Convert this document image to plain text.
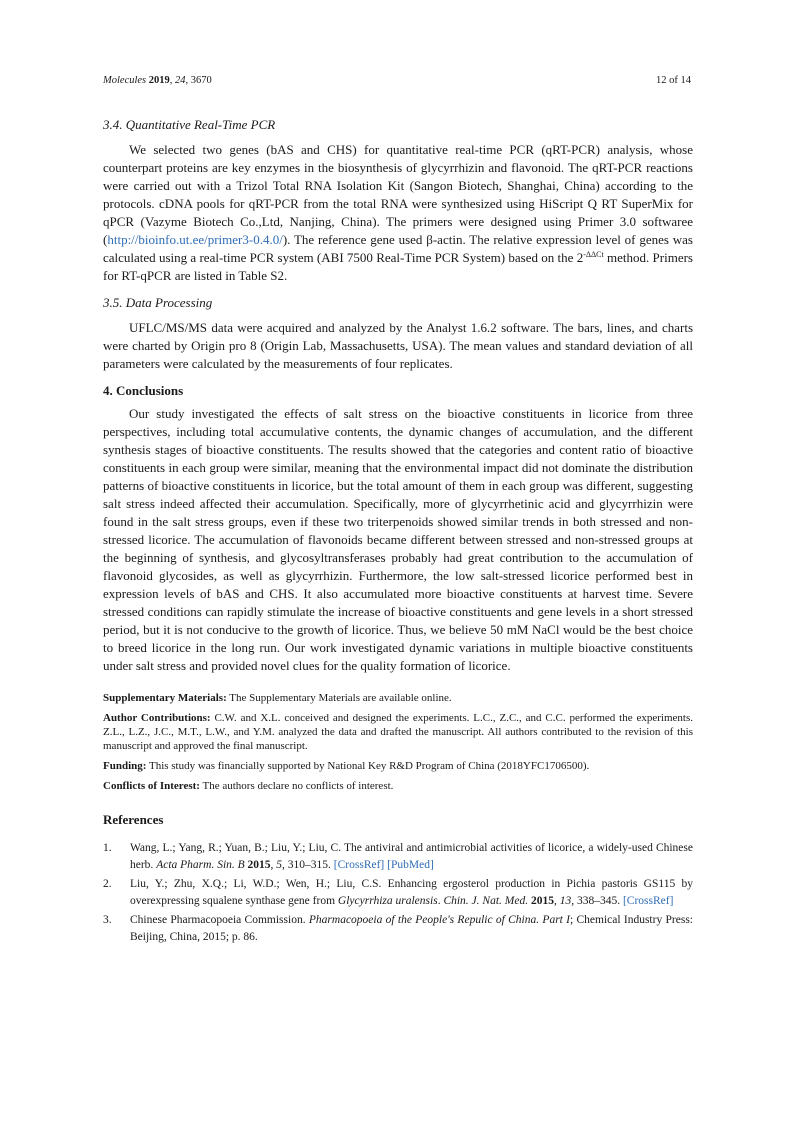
Molecules 2019, 24, 3670	12 of 14
3.4. Quantitative Real-Time PCR

We selected two genes (bAS and CHS) for quantitative real-time PCR (qRT-PCR) analysis, whose counterpart proteins are key enzymes in the biosynthesis of glycyrrhizin and flavonoid. The qRT-PCR reactions were carried out with a Trizol Total RNA Isolation Kit (Sangon Biotech, Shanghai, China) according to the protocols. cDNA pools for qRT-PCR from the total RNA were synthesized using HiScript Q RT SuperMix for qPCR (Vazyme Biotech Co.,Ltd, Nanjing, China). The primers were designed using Primer 3.0 softwaree (http://bioinfo.ut.ee/primer3-0.4.0/). The reference gene used β-actin. The relative expression level of genes was calculated using a real-time PCR system (ABI 7500 Real-Time PCR System) based on the $2^{-\Delta\Delta Ct}$ method. Primers for RT-qPCR are listed in Table S2.

3.5. Data Processing

UFLC/MS/MS data were acquired and analyzed by the Analyst 1.6.2 software. The bars, lines, and charts were charted by Origin pro 8 (Origin Lab, Massachusetts, USA). The mean values and standard deviation of all parameters were calculated by the measurements of four replicates.

4. Conclusions

Our study investigated the effects of salt stress on the bioactive constituents in licorice from three perspectives, including total accumulative contents, the dynamic changes of accumulation, and the different synthesis stages of bioactive constituents. The results showed that the categories and content ratio of bioactive constituents in each group were similar, meaning that the environmental impact did not dominate the distribution patterns of bioactive constituents in licorice, but the total amount of them in each group was different, suggesting salt stress indeed affected their accumulation. Specifically, more of glycyrrhetinic acid and glycyrrhizin were found in the salt stress groups, even if these two triterpenoids showed similar trends in both stressed and non-stressed licorice. The accumulation of flavonoids became different between stressed and non-stressed groups at the beginning of synthesis, and glycosyltransferases probably had great contribution to the accumulation of flavonoid glycosides, as well as glycyrrhizin. Furthermore, the low salt-stressed licorice performed best in expression levels of bAS and CHS. It also accumulated more bioactive constituents at harvest time. Severe stressed conditions can rapidly stimulate the increase of bioactive constituents and gene levels in a short stressed period, but it is not conducive to the growth of licorice. Thus, we believe 50 mM NaCl would be the best choice to breed licorice in the long run. Our work investigated dynamic variations in multiple bioactive constituents under salt stress and provided novel clues for the quality formation of licorice.

Supplementary Materials: The Supplementary Materials are available online.

Author Contributions: C.W. and X.L. conceived and designed the experiments. L.C., Z.C., and C.C. performed the experiments. Z.L., L.Z., J.C., M.T., L.W., and Y.M. analyzed the data and drafted the manuscript. All authors contributed to the revision of this manuscript and approved the final manuscript.

Funding: This study was financially supported by National Key R&D Program of China (2018YFC1706500).

Conflicts of Interest: The authors declare no conflicts of interest.

References
1. Wang, L.; Yang, R.; Yuan, B.; Liu, Y.; Liu, C. The antiviral and antimicrobial activities of licorice, a widely-used Chinese herb. Acta Pharm. Sin. B 2015, 5, 310–315. [CrossRef] [PubMed]
2. Liu, Y.; Zhu, X.Q.; Li, W.D.; Wen, H.; Liu, C.S. Enhancing ergosterol production in Pichia pastoris GS115 by overexpressing squalene synthase gene from Glycyrrhiza uralensis. Chin. J. Nat. Med. 2015, 13, 338–345. [CrossRef]
3. Chinese Pharmacopoeia Commission. Pharmacopoeia of the People's Repulic of China. Part I; Chemical Industry Press: Beijing, China, 2015; p. 86.
